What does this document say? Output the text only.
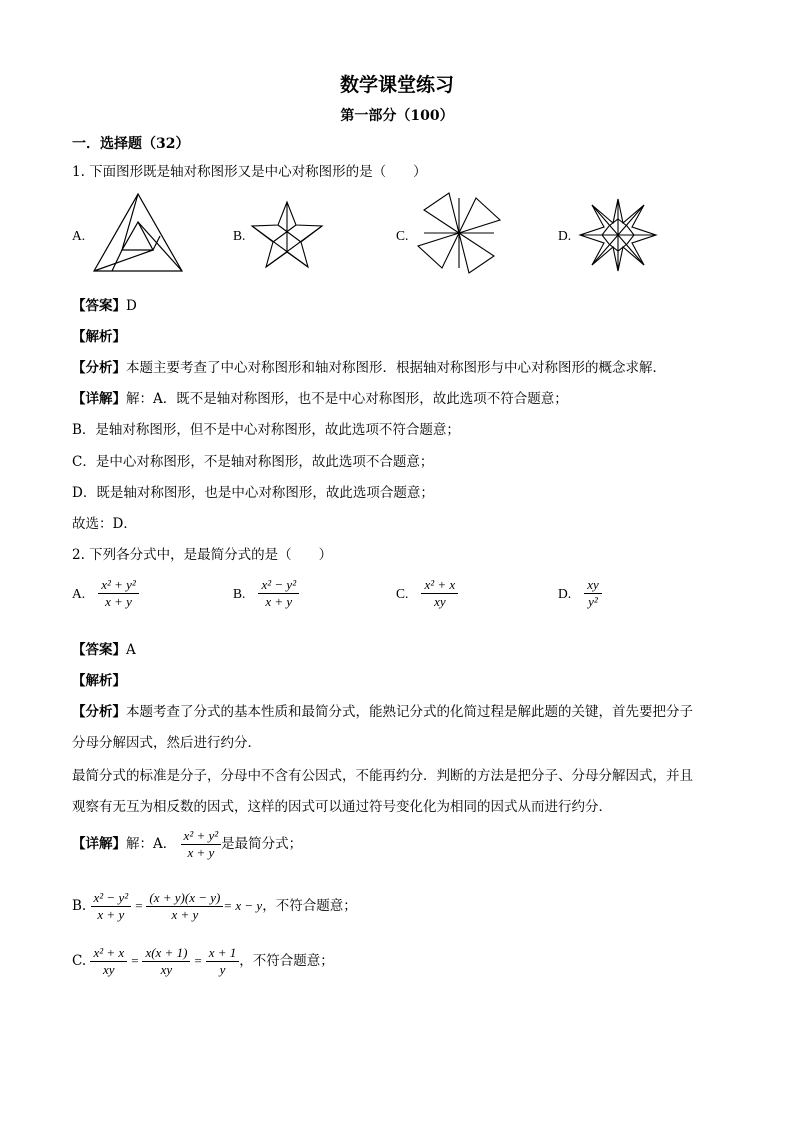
数学课堂练习
第一部分（100）
一．选择题（32）
1. 下面图形既是轴对称图形又是中心对称图形的是（　　）
A.	B.	C.	D.
【答案】D
【解析】
【分析】本题主要考查了中心对称图形和轴对称图形．根据轴对称图形与中心对称图形的概念求解．
【详解】解：A．既不是轴对称图形，也不是中心对称图形，故此选项不符合题意；
B．是轴对称图形，但不是中心对称图形，故此选项不符合题意；
C．是中心对称图形，不是轴对称图形，故此选项不合题意；
D．既是轴对称图形，也是中心对称图形，故此选项合题意；
故选：D．
2. 下列各分式中，是最简分式的是（　　）
A. $\frac{\text{x² + y²}}{x + y}$	B. $\frac{\text{x² − y²}}{x + y}$	C. $\frac{\text{x² + x}}{xy}$	D. $\frac{xy}{\text{y²}}$
【答案】A
【解析】
【分析】本题考查了分式的基本性质和最简分式，能熟记分式的化简过程是解此题的关键，首先要把分子
分母分解因式，然后进行约分．
最简分式的标准是分子，分母中不含有公因式，不能再约分．判断的方法是把分子、分母分解因式，并且
观察有无互为相反数的因式，这样的因式可以通过符号变化化为相同的因式从而进行约分．
【详解】解：A． $\frac{\text{x² + y²}}{x + y}$ 是最简分式；
B. $\frac{\text{x² − y²}}{x + y} = \frac{(x + y)(x - y)}{x + y} = x - y$，不符合题意；
C. $\frac{\text{x² + x}}{xy} = \frac{x(x + 1)}{xy} = \frac{x + 1}{y}$ ，不符合题意；
